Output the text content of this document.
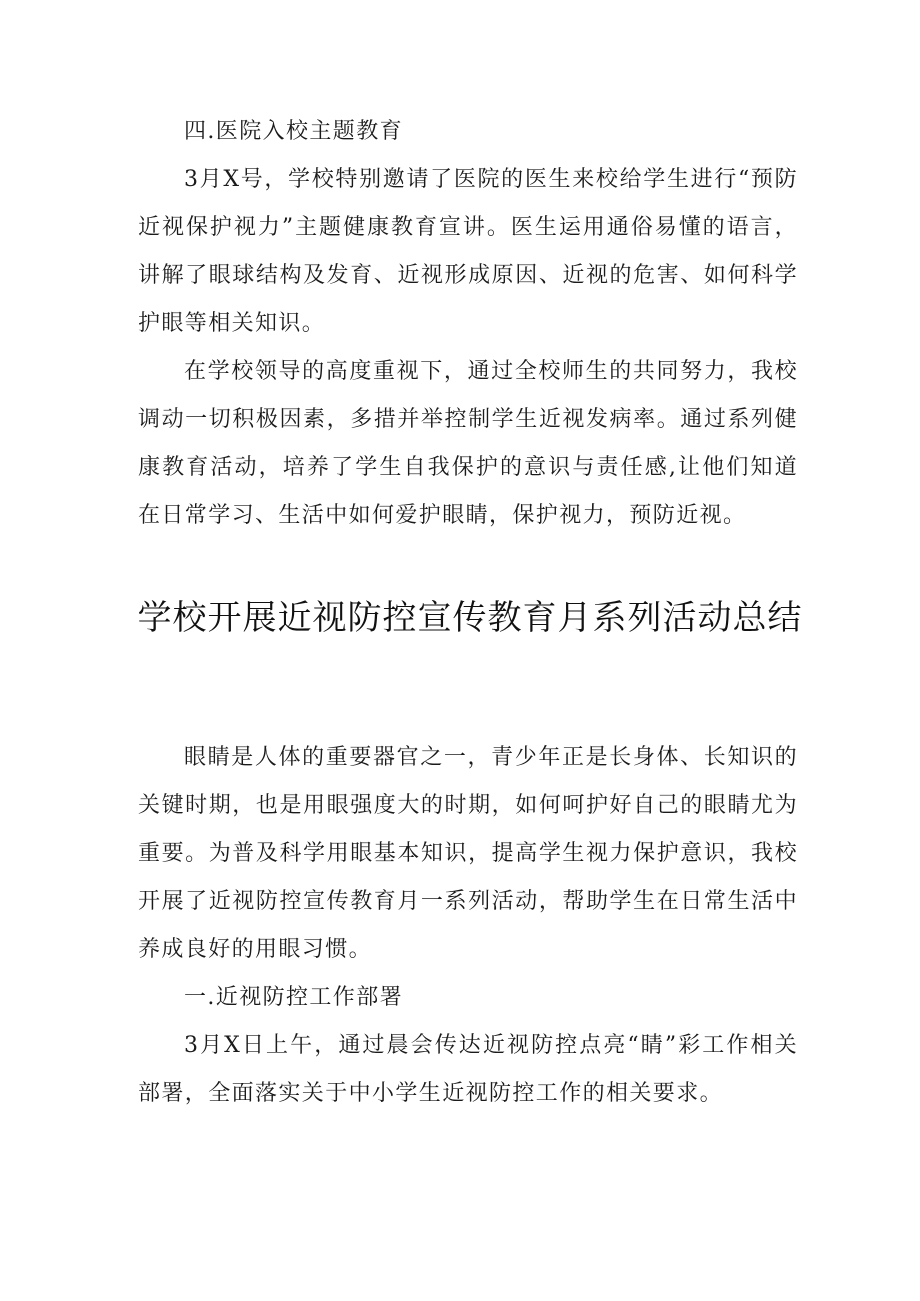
四.医院入校主题教育

3月X号，学校特别邀请了医院的医生来校给学生进行“预防近视保护视力”主题健康教育宣讲。医生运用通俗易懂的语言，讲解了眼球结构及发育、近视形成原因、近视的危害、如何科学护眼等相关知识。

在学校领导的高度重视下，通过全校师生的共同努力，我校调动一切积极因素，多措并举控制学生近视发病率。通过系列健康教育活动，培养了学生自我保护的意识与责任感,让他们知道在日常学习、生活中如何爱护眼睛，保护视力，预防近视。

学校开展近视防控宣传教育月系列活动总结

眼睛是人体的重要器官之一，青少年正是长身体、长知识的关键时期，也是用眼强度大的时期，如何呵护好自己的眼睛尤为重要。为普及科学用眼基本知识，提高学生视力保护意识，我校开展了近视防控宣传教育月一系列活动，帮助学生在日常生活中养成良好的用眼习惯。

一.近视防控工作部署

3月X日上午，通过晨会传达近视防控点亮“睛”彩工作相关部署，全面落实关于中小学生近视防控工作的相关要求。
